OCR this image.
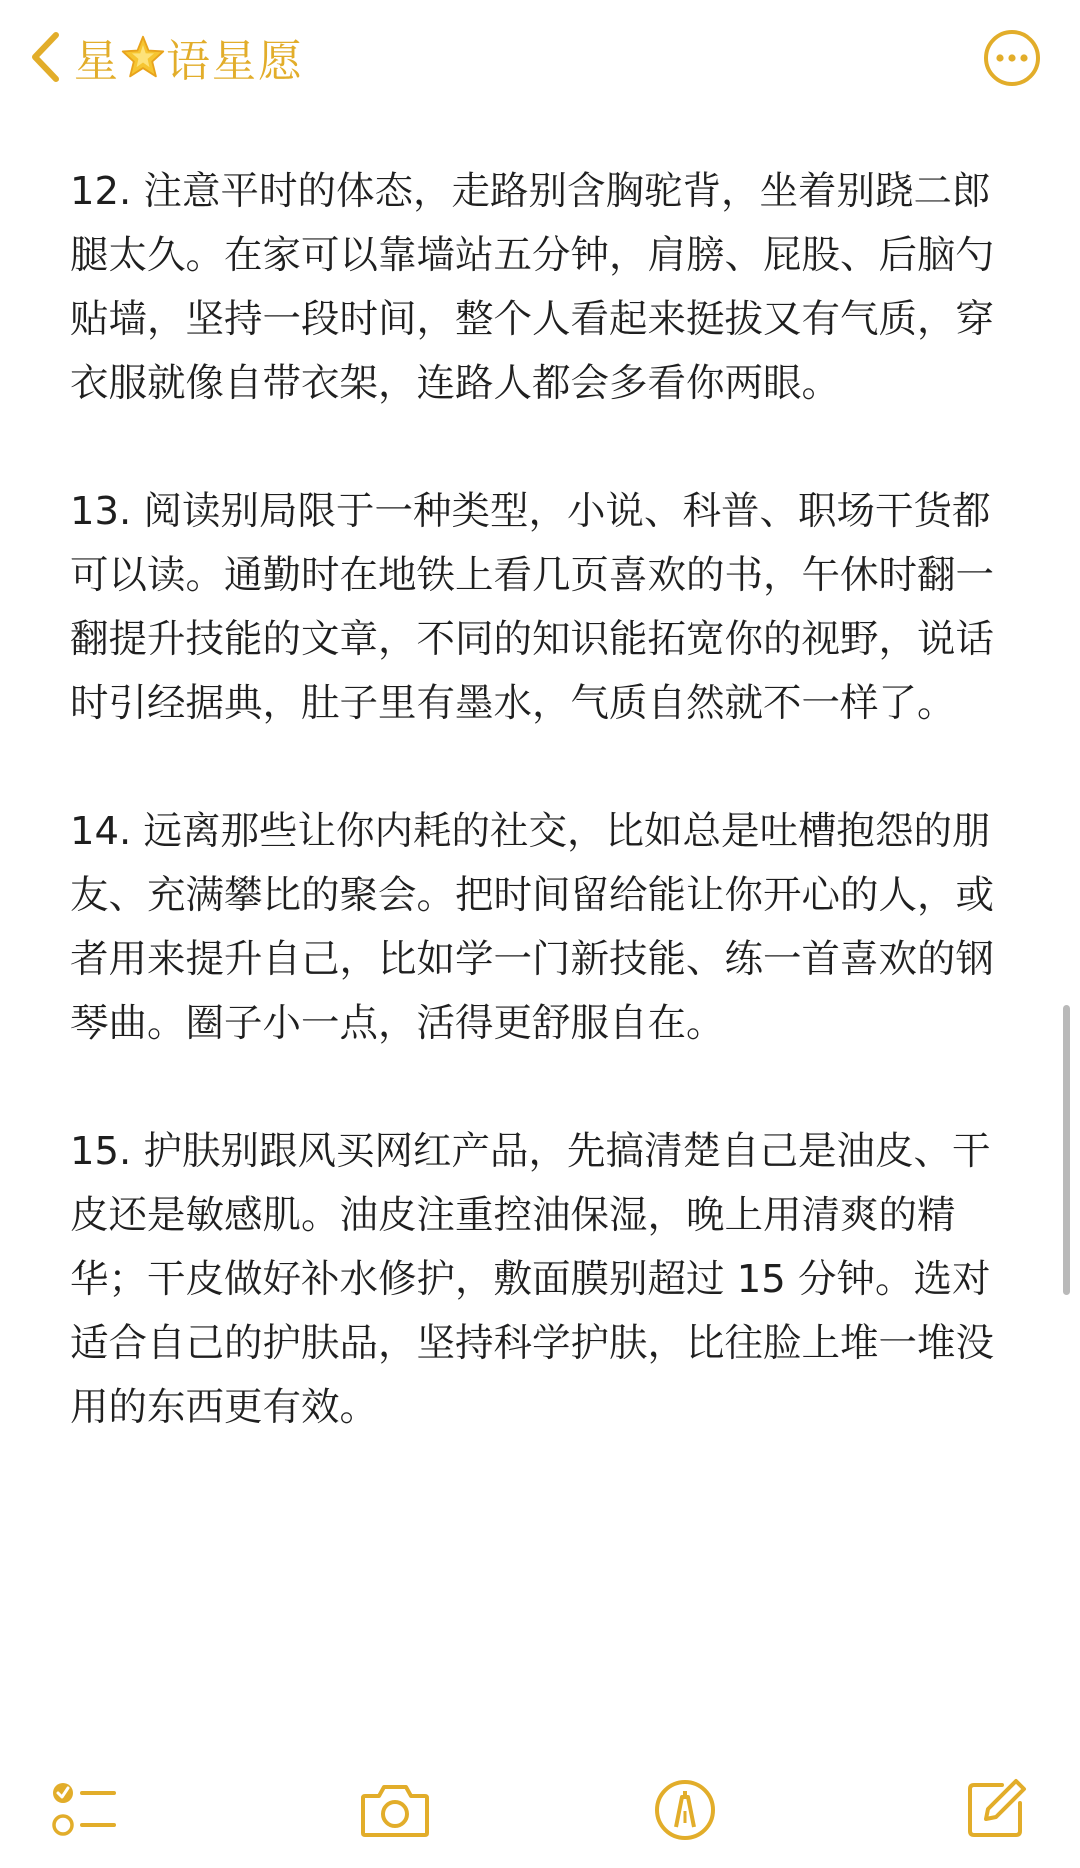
星 语星愿

12. 注意平时的体态，走路别含胸驼背，坐着别跷二郎腿太久。在家可以靠墙站五分钟，肩膀、屁股、后脑勺贴墙，坚持一段时间，整个人看起来挺拔又有气质，穿衣服就像自带衣架，连路人都会多看你两眼。

13. 阅读别局限于一种类型，小说、科普、职场干货都可以读。通勤时在地铁上看几页喜欢的书，午休时翻一翻提升技能的文章，不同的知识能拓宽你的视野，说话时引经据典，肚子里有墨水，气质自然就不一样了。

14. 远离那些让你内耗的社交，比如总是吐槽抱怨的朋友、充满攀比的聚会。把时间留给能让你开心的人，或者用来提升自己，比如学一门新技能、练一首喜欢的钢琴曲。圈子小一点，活得更舒服自在。

15. 护肤别跟风买网红产品，先搞清楚自己是油皮、干皮还是敏感肌。油皮注重控油保湿，晚上用清爽的精华；干皮做好补水修护，敷面膜别超过 15 分钟。选对适合自己的护肤品，坚持科学护肤，比往脸上堆一堆没用的东西更有效。
